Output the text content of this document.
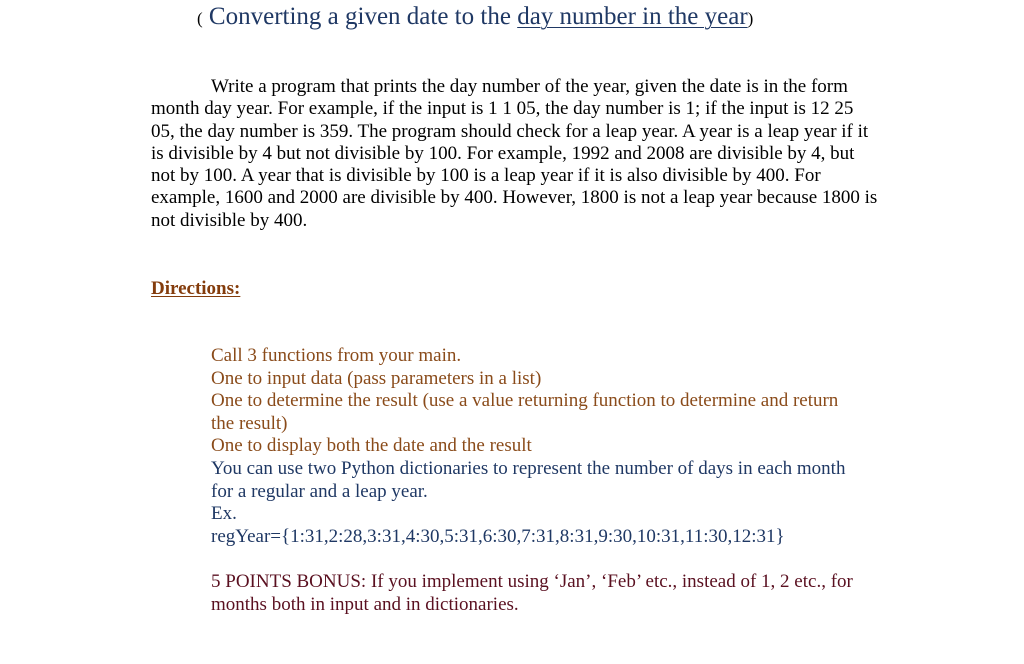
( Converting a given date to the day number in the year)

Write a program that prints the day number of the year, given the date is in the form month day year. For example, if the input is 1 1 05, the day number is 1; if the input is 12 25 05, the day number is 359. The program should check for a leap year. A year is a leap year if it is divisible by 4 but not divisible by 100. For example, 1992 and 2008 are divisible by 4, but not by 100. A year that is divisible by 100 is a leap year if it is also divisible by 400. For example, 1600 and 2000 are divisible by 400. However, 1800 is not a leap year because 1800 is not divisible by 400.

Directions:
Call 3 functions from your main.
One to input data (pass parameters in a list)
One to determine the result (use a value returning function to determine and return the result)
One to display both the date and the result
You can use two Python dictionaries to represent the number of days in each month for a regular and a leap year.
Ex.
regYear={1:31,2:28,3:31,4:30,5:31,6:30,7:31,8:31,9:30,10:31,11:30,12:31}
5 POINTS BONUS: If you implement using ‘Jan’, ‘Feb’ etc., instead of 1, 2 etc., for months both in input and in dictionaries.
